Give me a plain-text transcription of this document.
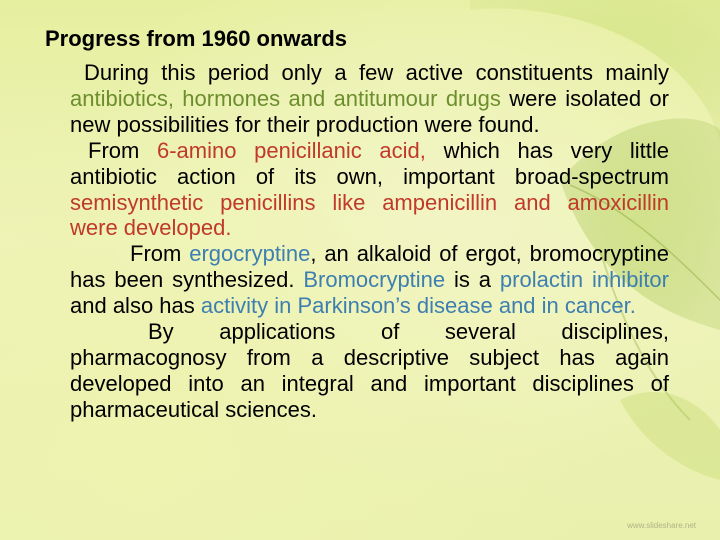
Progress from 1960 onwards

During this period only a few active constituents mainly antibiotics, hormones and antitumour drugs were isolated or new possibilities for their production were found.

From 6-amino penicillanic acid, which has very little antibiotic action of its own, important broad-spectrum semisynthetic penicillins like ampenicillin and amoxicillin were developed.

From ergocryptine, an alkaloid of ergot, bromocryptine has been synthesized. Bromocryptine is a prolactin inhibitor and also has activity in Parkinson’s disease and in cancer.

By applications of several disciplines, pharmacognosy from a descriptive subject has again developed into an integral and important disciplines of pharmaceutical sciences.

www.slideshare.net
